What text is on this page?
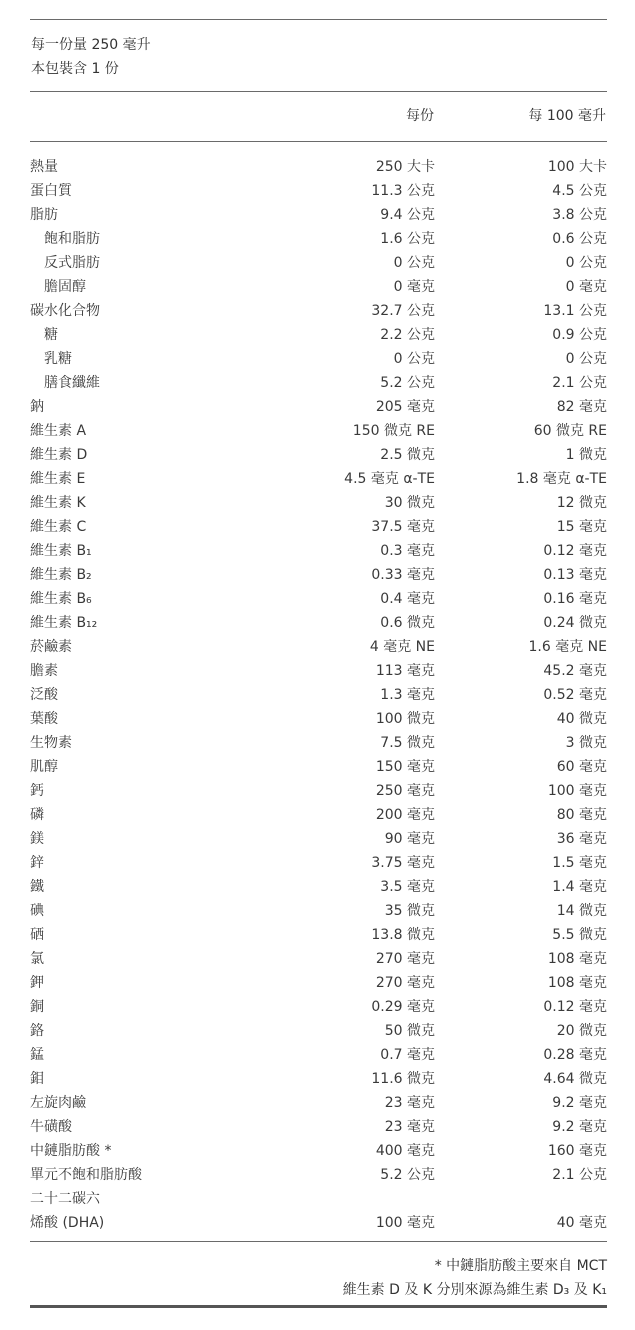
每一份量 250 毫升
本包裝含 1 份
每份	每 100 毫升
熱量	250 大卡	100 大卡
蛋白質	11.3 公克	4.5 公克
脂肪	9.4 公克	3.8 公克
飽和脂肪	1.6 公克	0.6 公克
反式脂肪	0 公克	0 公克
膽固醇	0 毫克	0 毫克
碳水化合物	32.7 公克	13.1 公克
糖	2.2 公克	0.9 公克
乳糖	0 公克	0 公克
膳食纖維	5.2 公克	2.1 公克
鈉	205 毫克	82 毫克
維生素 A	150 微克 RE	60 微克 RE
維生素 D	2.5 微克	1 微克
維生素 E	4.5 毫克 α-TE	1.8 毫克 α-TE
維生素 K	30 微克	12 微克
維生素 C	37.5 毫克	15 毫克
維生素 B₁	0.3 毫克	0.12 毫克
維生素 B₂	0.33 毫克	0.13 毫克
維生素 B₆	0.4 毫克	0.16 毫克
維生素 B₁₂	0.6 微克	0.24 微克
菸鹼素	4 毫克 NE	1.6 毫克 NE
膽素	113 毫克	45.2 毫克
泛酸	1.3 毫克	0.52 毫克
葉酸	100 微克	40 微克
生物素	7.5 微克	3 微克
肌醇	150 毫克	60 毫克
鈣	250 毫克	100 毫克
磷	200 毫克	80 毫克
鎂	90 毫克	36 毫克
鋅	3.75 毫克	1.5 毫克
鐵	3.5 毫克	1.4 毫克
碘	35 微克	14 微克
硒	13.8 微克	5.5 微克
氯	270 毫克	108 毫克
鉀	270 毫克	108 毫克
銅	0.29 毫克	0.12 毫克
鉻	50 微克	20 微克
錳	0.7 毫克	0.28 毫克
鉬	11.6 微克	4.64 微克
左旋肉鹼	23 毫克	9.2 毫克
牛磺酸	23 毫克	9.2 毫克
中鏈脂肪酸 *	400 毫克	160 毫克
單元不飽和脂肪酸	5.2 公克	2.1 公克
二十二碳六
烯酸 (DHA)	100 毫克	40 毫克
* 中鏈脂肪酸主要來自 MCT
維生素 D 及 K 分別來源為維生素 D₃ 及 K₁
